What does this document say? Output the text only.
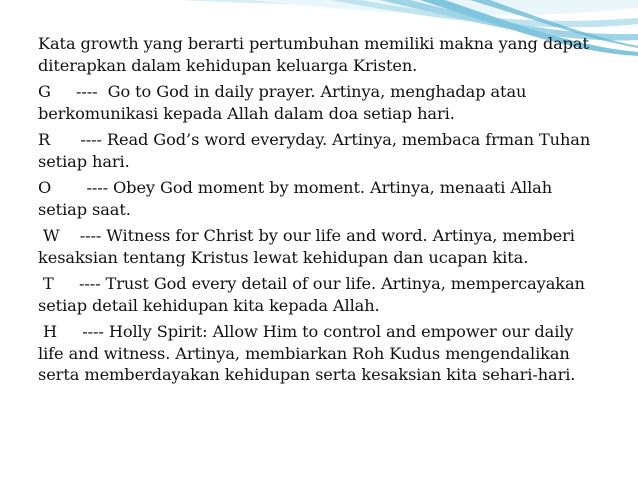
Kata growth yang berarti pertumbuhan memiliki makna yang dapat diterapkan dalam kehidupan keluarga Kristen.

G     ----  Go to God in daily prayer. Artinya, menghadap atau berkomunikasi kepada Allah dalam doa setiap hari.

R      ---- Read God’s word everyday. Artinya, membaca frman Tuhan setiap hari.

O       ---- Obey God moment by moment. Artinya, menaati Allah setiap saat.

W    ---- Witness for Christ by our life and word. Artinya, memberi kesaksian tentang Kristus lewat kehidupan dan ucapan kita.

T     ---- Trust God every detail of our life. Artinya, mempercayakan setiap detail kehidupan kita kepada Allah.

H     ---- Holly Spirit: Allow Him to control and empower our daily life and witness. Artinya, membiarkan Roh Kudus mengendalikan serta memberdayakan kehidupan serta kesaksian kita sehari-hari.
